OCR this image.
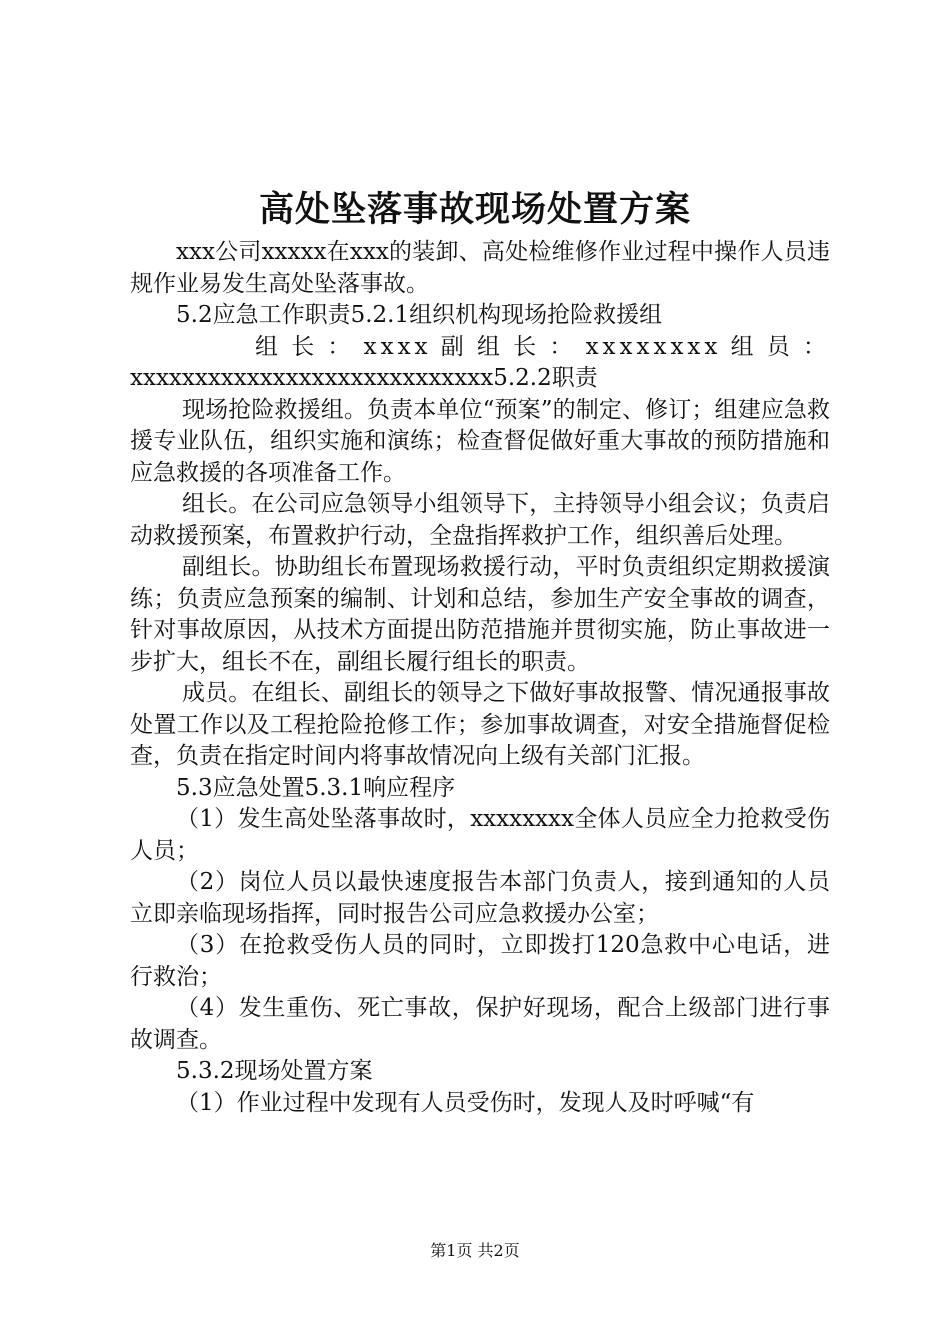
高处坠落事故现场处置方案

xxx公司xxxxx在xxx的装卸、高处检维修作业过程中操作人员违规作业易发生高处坠落事故。

5.2应急工作职责5.2.1组织机构现场抢险救援组

组长：xxxx副组长：xxxxxxxx组员：

xxxxxxxxxxxxxxxxxxxxxxxxxxxx5.2.2职责

现场抢险救援组。负责本单位“预案”的制定、修订；组建应急救援专业队伍，组织实施和演练；检查督促做好重大事故的预防措施和应急救援的各项准备工作。

组长。在公司应急领导小组领导下，主持领导小组会议；负责启动救援预案，布置救护行动，全盘指挥救护工作，组织善后处理。

副组长。协助组长布置现场救援行动，平时负责组织定期救援演练；负责应急预案的编制、计划和总结，参加生产安全事故的调查，针对事故原因，从技术方面提出防范措施并贯彻实施，防止事故进一步扩大，组长不在，副组长履行组长的职责。

成员。在组长、副组长的领导之下做好事故报警、情况通报事故处置工作以及工程抢险抢修工作；参加事故调查，对安全措施督促检查，负责在指定时间内将事故情况向上级有关部门汇报。

5.3应急处置5.3.1响应程序

（1）发生高处坠落事故时，xxxxxxxx全体人员应全力抢救受伤人员；

（2）岗位人员以最快速度报告本部门负责人，接到通知的人员立即亲临现场指挥，同时报告公司应急救援办公室；

（3）在抢救受伤人员的同时，立即拨打120急救中心电话，进行救治；

（4）发生重伤、死亡事故，保护好现场，配合上级部门进行事故调查。

5.3.2现场处置方案

（1）作业过程中发现有人员受伤时，发现人及时呼喊“有

第1页 共2页
